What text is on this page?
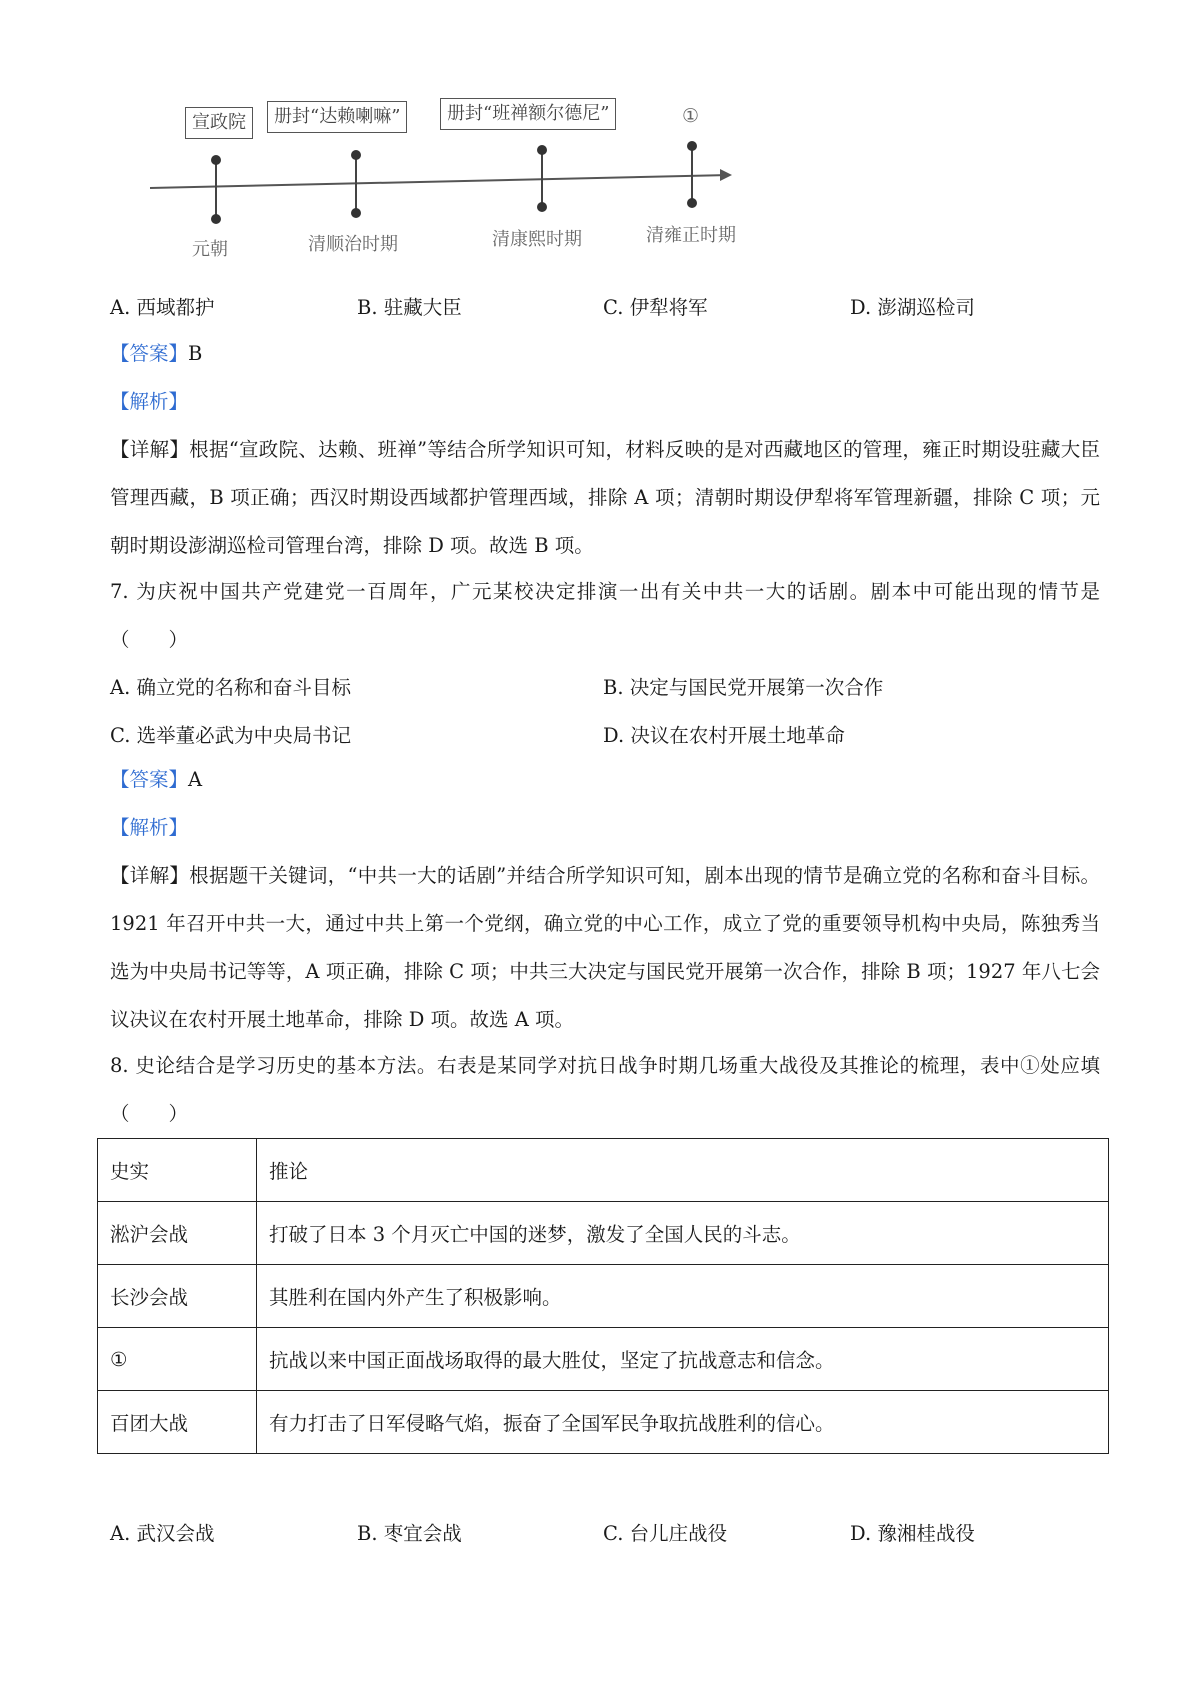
宣政院	册封“达赖喇嘛”	册封“班禅额尔德尼”	①
元朝	清顺治时期	清康熙时期	清雍正时期
A. 西域都护	B. 驻藏大臣	C. 伊犁将军	D. 澎湖巡检司
【答案】B
【解析】
【详解】根据“宣政院、达赖、班禅”等结合所学知识可知，材料反映的是对西藏地区的管理，雍正时期设驻藏大臣管理西藏，B 项正确；西汉时期设西域都护管理西域，排除 A 项；清朝时期设伊犁将军管理新疆，排除 C 项；元朝时期设澎湖巡检司管理台湾，排除 D 项。故选 B 项。
7. 为庆祝中国共产党建党一百周年，广元某校决定排演一出有关中共一大的话剧。剧本中可能出现的情节是（　　）
A. 确立党的名称和奋斗目标	B. 决定与国民党开展第一次合作
C. 选举董必武为中央局书记	D. 决议在农村开展土地革命
【答案】A
【解析】
【详解】根据题干关键词，“中共一大的话剧”并结合所学知识可知，剧本出现的情节是确立党的名称和奋斗目标。1921 年召开中共一大，通过中共上第一个党纲，确立党的中心工作，成立了党的重要领导机构中央局，陈独秀当选为中央局书记等等，A 项正确，排除 C 项；中共三大决定与国民党开展第一次合作，排除 B 项；1927 年八七会议决议在农村开展土地革命，排除 D 项。故选 A 项。
8. 史论结合是学习历史的基本方法。右表是某同学对抗日战争时期几场重大战役及其推论的梳理，表中①处应填（　　）
史实	推论
淞沪会战	打破了日本 3 个月灭亡中国的迷梦，激发了全国人民的斗志。
长沙会战	其胜利在国内外产生了积极影响。
①	抗战以来中国正面战场取得的最大胜仗，坚定了抗战意志和信念。
百团大战	有力打击了日军侵略气焰，振奋了全国军民争取抗战胜利的信心。
A. 武汉会战	B. 枣宜会战	C. 台儿庄战役	D. 豫湘桂战役
